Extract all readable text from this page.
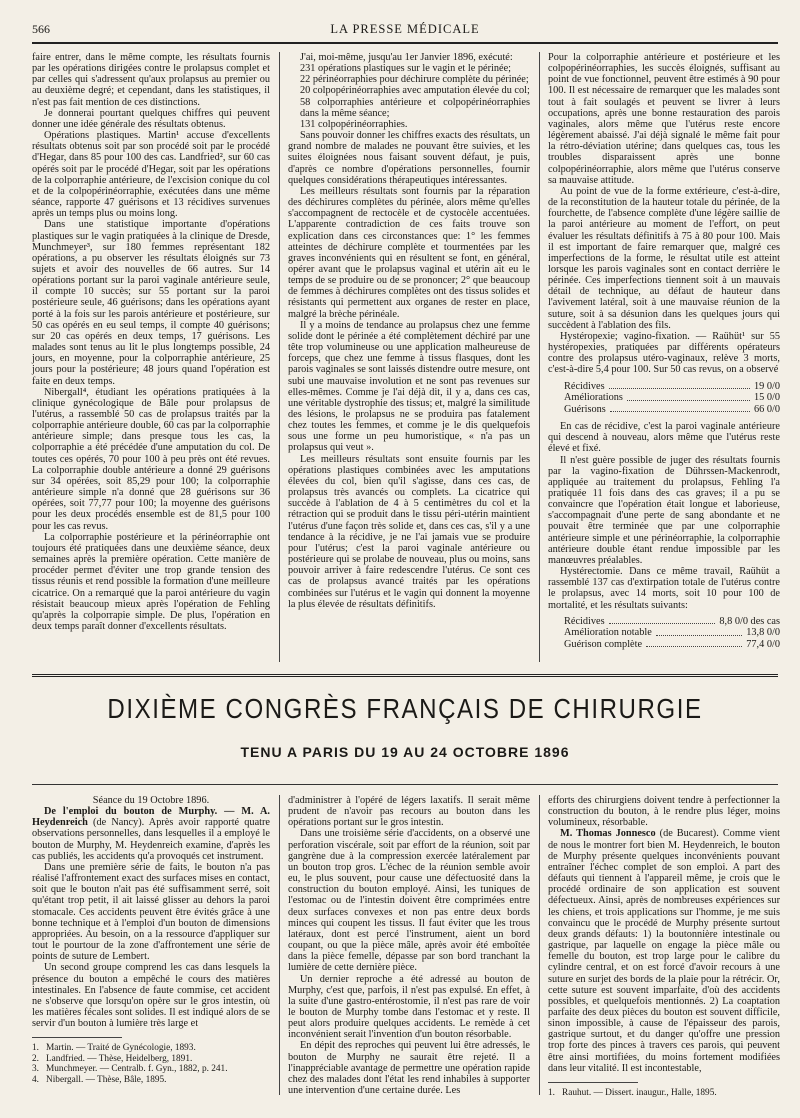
566	LA PRESSE MÉDICALE

faire entrer, dans le même compte, les résultats fournis par les opérations dirigées contre le prolapsus complet et par celles qui s'adressent qu'aux prolapsus au premier ou au deuxième degré; et cependant, dans les statistiques, il n'est pas fait mention de ces distinctions.

Je donnerai pourtant quelques chiffres qui peuvent donner une idée générale des résultats obtenus.

Opérations plastiques. Martin¹ accuse d'excellents résultats obtenus soit par son procédé soit par le procédé d'Hegar, dans 85 pour 100 des cas. Landfried², sur 60 cas opérés soit par le procédé d'Hegar, soit par les opérations de la colporraphie antérieure, de l'excision conique du col et de la colpopérinéorraphie, exécutées dans une même séance, rapporte 47 guérisons et 13 récidives survenues après un temps plus ou moins long.

Dans une statistique importante d'opérations plastiques sur le vagin pratiquées à la clinique de Dresde, Munchmeyer³, sur 180 femmes représentant 182 opérations, a pu observer les résultats éloignés sur 73 sujets et avoir des nouvelles de 66 autres. Sur 14 opérations portant sur la paroi vaginale antérieure seule, il compte 10 succès; sur 55 portant sur la paroi postérieure seule, 46 guérisons; dans les opérations ayant porté à la fois sur les parois antérieure et postérieure, sur 50 cas opérés en eu seul temps, il compte 40 guérisons; sur 20 cas opérés en deux temps, 17 guérisons. Les malades sont tenus au lit le plus longtemps possible, 24 jours, en moyenne, pour la colporraphie antérieure, 25 jours pour la postérieure; 48 jours quand l'opération est faite en deux temps.

Nibergall⁴, étudiant les opérations pratiquées à la clinique gynécologique de Bâle pour prolapsus de l'utérus, a rassemblé 50 cas de prolapsus traités par la colporraphie antérieure double, 60 cas par la colporraphie antérieure simple; dans presque tous les cas, la colporraphie a été précédée d'une amputation du col. De toutes ces opérés, 70 pour 100 à peu près ont été revues. La colporraphie double antérieure a donné 29 guérisons sur 34 opérées, soit 85,29 pour 100; la colporraphie antérieure simple n'a donné que 28 guérisons sur 36 opérées, soit 77,77 pour 100; la moyenne des guérisons pour les deux procédés ensemble est de 81,5 pour 100 pour les cas revus.

La colporraphie postérieure et la périnéorraphie ont toujours été pratiquées dans une deuxième séance, deux semaines après la première opération. Cette manière de procéder permet d'éviter une trop grande tension des tissus réunis et rend possible la formation d'une meilleure cicatrice. On a remarqué que la paroi antérieure du vagin résistait beaucoup mieux après l'opération de Fehling qu'après la colporrapie simple. De plus, l'opération en deux temps paraît donner d'excellents résultats.

J'ai, moi-même, jusqu'au 1er Janvier 1896, exécuté:

231 opérations plastiques sur le vagin et le périnée;

22 périnéorraphies pour déchirure complète du périnée;

20 colpopérinéorraphies avec amputation élevée du col;

58 colporraphies antérieure et colpopérinéorraphies dans la même séance;

131 colpopérinéorraphies.

Sans pouvoir donner les chiffres exacts des résultats, un grand nombre de malades ne pouvant être suivies, et les suites éloignées nous faisant souvent défaut, je puis, d'après ce nombre d'opérations personnelles, fournir quelques considérations thérapeutiques intéressantes.

Les meilleurs résultats sont fournis par la réparation des déchirures complètes du périnée, alors même qu'elles s'accompagnent de rectocèle et de cystocèle accentuées. L'apparente contradiction de ces faits trouve son explication dans ces circonstances que: 1° les femmes atteintes de déchirure complète et tourmentées par les graves inconvénients qui en résultent se font, en général, opérer avant que le prolapsus vaginal et utérin ait eu le temps de se produire ou de se prononcer; 2° que beaucoup de femmes à déchirures complètes ont des tissus solides et résistants qui permettent aux organes de rester en place, malgré la brèche périnéale.

Il y a moins de tendance au prolapsus chez une femme solide dont le périnée a été complètement déchiré par une tête trop volumineuse ou une application malheureuse de forceps, que chez une femme à tissus flasques, dont les parois vaginales se sont laissés distendre outre mesure, ont subi une mauvaise involution et ne sont pas revenues sur elles-mêmes. Comme je l'ai déjà dit, il y a, dans ces cas, une véritable dystrophie des tissus; et, malgré la similitude des lésions, le prolapsus ne se produira pas fatalement chez toutes les femmes, et comme je le dis quelquefois sous une forme un peu humoristique, « n'a pas un prolapsus qui veut ».

Les meilleurs résultats sont ensuite fournis par les opérations plastiques combinées avec les amputations élevées du col, bien qu'il s'agisse, dans ces cas, de prolapsus très avancés ou complets. La cicatrice qui succède à l'ablation de 4 à 5 centimètres du col et la rétraction qui se produit dans le tissu péri-utérin maintient l'utérus d'une façon très solide et, dans ces cas, s'il y a une tendance à la récidive, je ne l'ai jamais vue se produire pour l'utérus; c'est la paroi vaginale antérieure ou postérieure qui se prolabe de nouveau, plus ou moins, sans pouvoir arriver à faire redescendre l'utérus. Ce sont ces cas de prolapsus avancé traités par les opérations combinées sur l'utérus et le vagin qui donnent la moyenne la plus élevée de résultats définitifs.

Pour la colporraphie antérieure et postérieure et les colpopérinéorraphies, les succès éloignés, suffisant au point de vue fonctionnel, peuvent être estimés à 90 pour 100. Il est nécessaire de remarquer que les malades sont tout à fait soulagés et peuvent se livrer à leurs occupations, après une bonne restauration des parois vaginales, alors même que l'utérus reste encore légèrement abaissé. J'ai déjà signalé le même fait pour la rétro-déviation utérine; dans quelques cas, tous les troubles disparaissent après une bonne colpopérinéorraphie, alors même que l'utérus conserve sa mauvaise attitude.

Au point de vue de la forme extérieure, c'est-à-dire, de la reconstitution de la hauteur totale du périnée, de la fourchette, de l'absence complète d'une légère saillie de la paroi antérieure au moment de l'effort, on peut évaluer les résultats définitifs à 75 à 80 pour 100. Mais il est important de faire remarquer que, malgré ces imperfections de la forme, le résultat utile est atteint lorsque les parois vaginales sont en contact derrière le périnée. Ces imperfections tiennent soit à un mauvais détail de technique, au défaut de hauteur dans l'avivement latéral, soit à une mauvaise réunion de la suture, soit à sa désunion dans les quelques jours qui succèdent à l'ablation des fils.

Hystéropexie; vagino-fixation. — Raühüt¹ sur 55 hystéropexies, pratiquées par différents opérateurs contre des prolapsus utéro-vaginaux, relève 3 morts, c'est-à-dire 5,4 pour 100. Sur 50 cas revus, on a observé

Récidives	19 0/0
Améliorations	15 0/0
Guérisons	66 0/0

En cas de récidive, c'est la paroi vaginale antérieure qui descend à nouveau, alors même que l'utérus reste élevé et fixé.

Il n'est guère possible de juger des résultats fournis par la vagino-fixation de Dührssen-Mackenrodt, appliquée au traitement du prolapsus, Fehling l'a pratiquée 11 fois dans des cas graves; il a pu se convaincre que l'opération était longue et laborieuse, s'accompagnait d'une perte de sang abondante et ne pouvait être terminée que par une colporraphie antérieure simple et une périnéorraphie, la colporraphie antérieure double étant rendue impossible par les manœuvres préalables.

Hystérectomie. Dans ce même travail, Raühüt a rassemblé 137 cas d'extirpation totale de l'utérus contre le prolapsus, avec 14 morts, soit 10 pour 100 de mortalité, et les résultats suivants:

Récidives	8,8 0/0 des cas
Amélioration notable	13,8 0/0
Guérison complète	77,4 0/0
DIXIÈME CONGRÈS FRANÇAIS DE CHIRURGIE
TENU A PARIS DU 19 AU 24 OCTOBRE 1896

Séance du 19 Octobre 1896.

De l'emploi du bouton de Murphy. — M. A. Heydenreich (de Nancy). Après avoir rapporté quatre observations personnelles, dans lesquelles il a employé le bouton de Murphy, M. Heydenreich examine, d'après les cas publiés, les accidents qu'a provoqués cet instrument.

Dans une première série de faits, le bouton n'a pas réalisé l'affrontement exact des surfaces mises en contact, soit que le bouton n'ait pas été suffisamment serré, soit qu'étant trop petit, il ait laissé glisser au dehors la paroi stomacale. Ces accidents peuvent être évités grâce à une bonne technique et à l'emploi d'un bouton de dimensions appropriées. Au besoin, on a la ressource d'appliquer sur tout le pourtour de la zone d'affrontement une série de points de suture de Lembert.

Un second groupe comprend les cas dans lesquels la présence du bouton a empêché le cours des matières intestinales. En l'absence de faute commise, cet accident ne s'observe que lorsqu'on opère sur le gros intestin, où les matières fécales sont solides. Il est indiqué alors de se servir d'un bouton à lumière très large et

1. Martin. — Traité de Gynécologie, 1893.

2. Landfried. — Thèse, Heidelberg, 1891.

3. Munchmeyer. — Centralb. f. Gyn., 1882, p. 241.

4. Nibergall. — Thèse, Bâle, 1895.

d'administrer à l'opéré de légers laxatifs. Il serait même prudent de n'avoir pas recours au bouton dans les opérations portant sur le gros intestin.

Dans une troisième série d'accidents, on a observé une perforation viscérale, soit par effort de la réunion, soit par gangrène due à la compression exercée latéralement par un bouton trop gros. L'échec de la réunion semble avoir eu, le plus souvent, pour cause une défectuosité dans la construction du bouton employé. Ainsi, les tuniques de l'estomac ou de l'intestin doivent être comprimées entre deux surfaces convexes et non pas entre deux bords minces qui coupent les tissus. Il faut éviter que les trous latéraux, dont est percé l'instrument, aient un bord coupant, ou que la pièce mâle, après avoir été emboîtée dans la pièce femelle, dépasse par son bord tranchant la lumière de cette dernière pièce.

Un dernier reproche a été adressé au bouton de Murphy, c'est que, parfois, il n'est pas expulsé. En effet, à la suite d'une gastro-entérostomie, il n'est pas rare de voir le bouton de Murphy tombe dans l'estomac et y reste. Il peut alors produire quelques accidents. Le remède à cet inconvénient serait l'invention d'un bouton résorbable.

En dépit des reproches qui peuvent lui être adressés, le bouton de Murphy ne saurait être rejeté. Il a l'inappréciable avantage de permettre une opération rapide chez des malades dont l'état les rend inhabiles à supporter une intervention d'une certaine durée. Les

efforts des chirurgiens doivent tendre à perfectionner la construction du bouton, à le rendre plus léger, moins volumineux, résorbable.

M. Thomas Jonnesco (de Bucarest). Comme vient de nous le montrer fort bien M. Heydenreich, le bouton de Murphy présente quelques inconvénients pouvant entraîner l'échec complet de son emploi. A part des défauts qui tiennent à l'appareil même, je crois que le procédé ordinaire de son application est souvent défectueux. Ainsi, après de nombreuses expériences sur les chiens, et trois applications sur l'homme, je me suis convaincu que le procédé de Murphy présente surtout deux grands défauts: 1) la boutonnière intestinale ou gastrique, par laquelle on engage la pièce mâle ou femelle du bouton, est trop large pour le calibre du cylindre central, et on est forcé d'avoir recours à une suture en surjet des bords de la plaie pour la rétrécir. Or, cette suture est souvent imparfaite, d'où des accidents possibles, et quelquefois mentionnés. 2) La coaptation parfaite des deux pièces du bouton est souvent difficile, sinon impossible, à cause de l'épaisseur des parois, gastrique surtout, et du danger qu'offre une pression trop forte des pinces à travers ces parois, qui peuvent être ainsi mortifiées, du moins fortement modifiées dans leur vitalité. Il est incontestable,

1. Rauhut. — Dissert. inaugur., Halle, 1895.
